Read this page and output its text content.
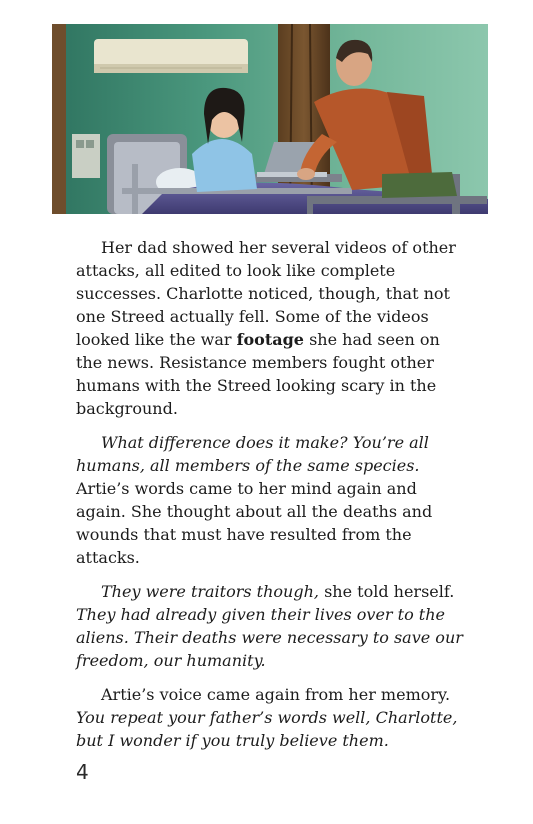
Her dad showed her several videos of other attacks, all edited to look like complete successes. Charlotte noticed, though, that not one Streed actually fell. Some of the videos looked like the war footage she had seen on the news. Resistance members fought other humans with the Streed looking scary in the background.

What difference does it make? You’re all humans, all members of the same species. Artie’s words came to her mind again and again. She thought about all the deaths and wounds that must have resulted from the attacks.

They were traitors though, she told herself. They had already given their lives over to the aliens. Their deaths were necessary to save our freedom, our humanity.

Artie’s voice came again from her memory. You repeat your father’s words well, Charlotte, but I wonder if you truly believe them.

4
